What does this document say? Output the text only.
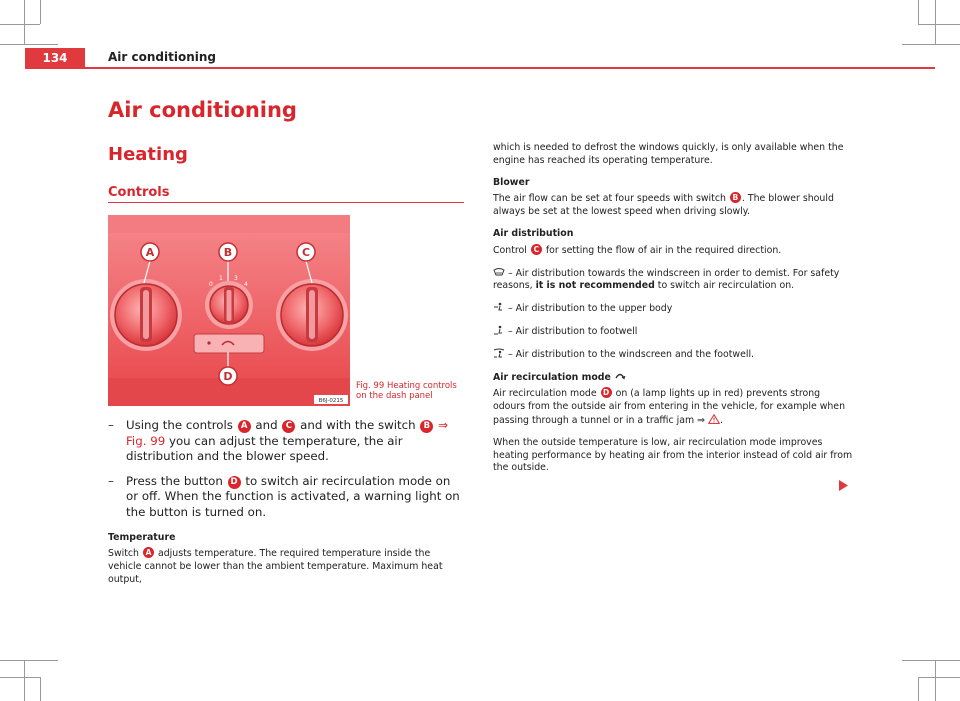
134	Air conditioning
Air conditioning
Heating
Controls
0
1 3
4
A	B	C
D
B6J-0215
Fig. 99 Heating controls on the dash panel
– Using the controls A and C and with the switch B ⇒ Fig. 99 you can adjust the temperature, the air distribution and the blower speed.
– Press the button D to switch air recirculation mode on or off. When the function is activated, a warning light on the button is turned on.
Temperature
Switch A adjusts temperature. The required temperature inside the vehicle cannot be lower than the ambient temperature. Maximum heat output,

which is needed to defrost the windows quickly, is only available when the engine has reached its operating temperature.

Blower

The air flow can be set at four speeds with switch B . The blower should always be set at the lowest speed when driving slowly.

Air distribution

Control C for setting the flow of air in the required direction.

– Air distribution towards the windscreen in order to demist. For safety reasons, it is not recommended to switch air recirculation on.

– Air distribution to the upper body

– Air distribution to footwell

– Air distribution to the windscreen and the footwell.

Air recirculation mode

Air recirculation mode D on (a lamp lights up in red) prevents strong odours from the outside air from entering in the vehicle, for example when passing through a tunnel or in a traffic jam ⇒ .

When the outside temperature is low, air recirculation mode improves heating performance by heating air from the interior instead of cold air from the outside.
